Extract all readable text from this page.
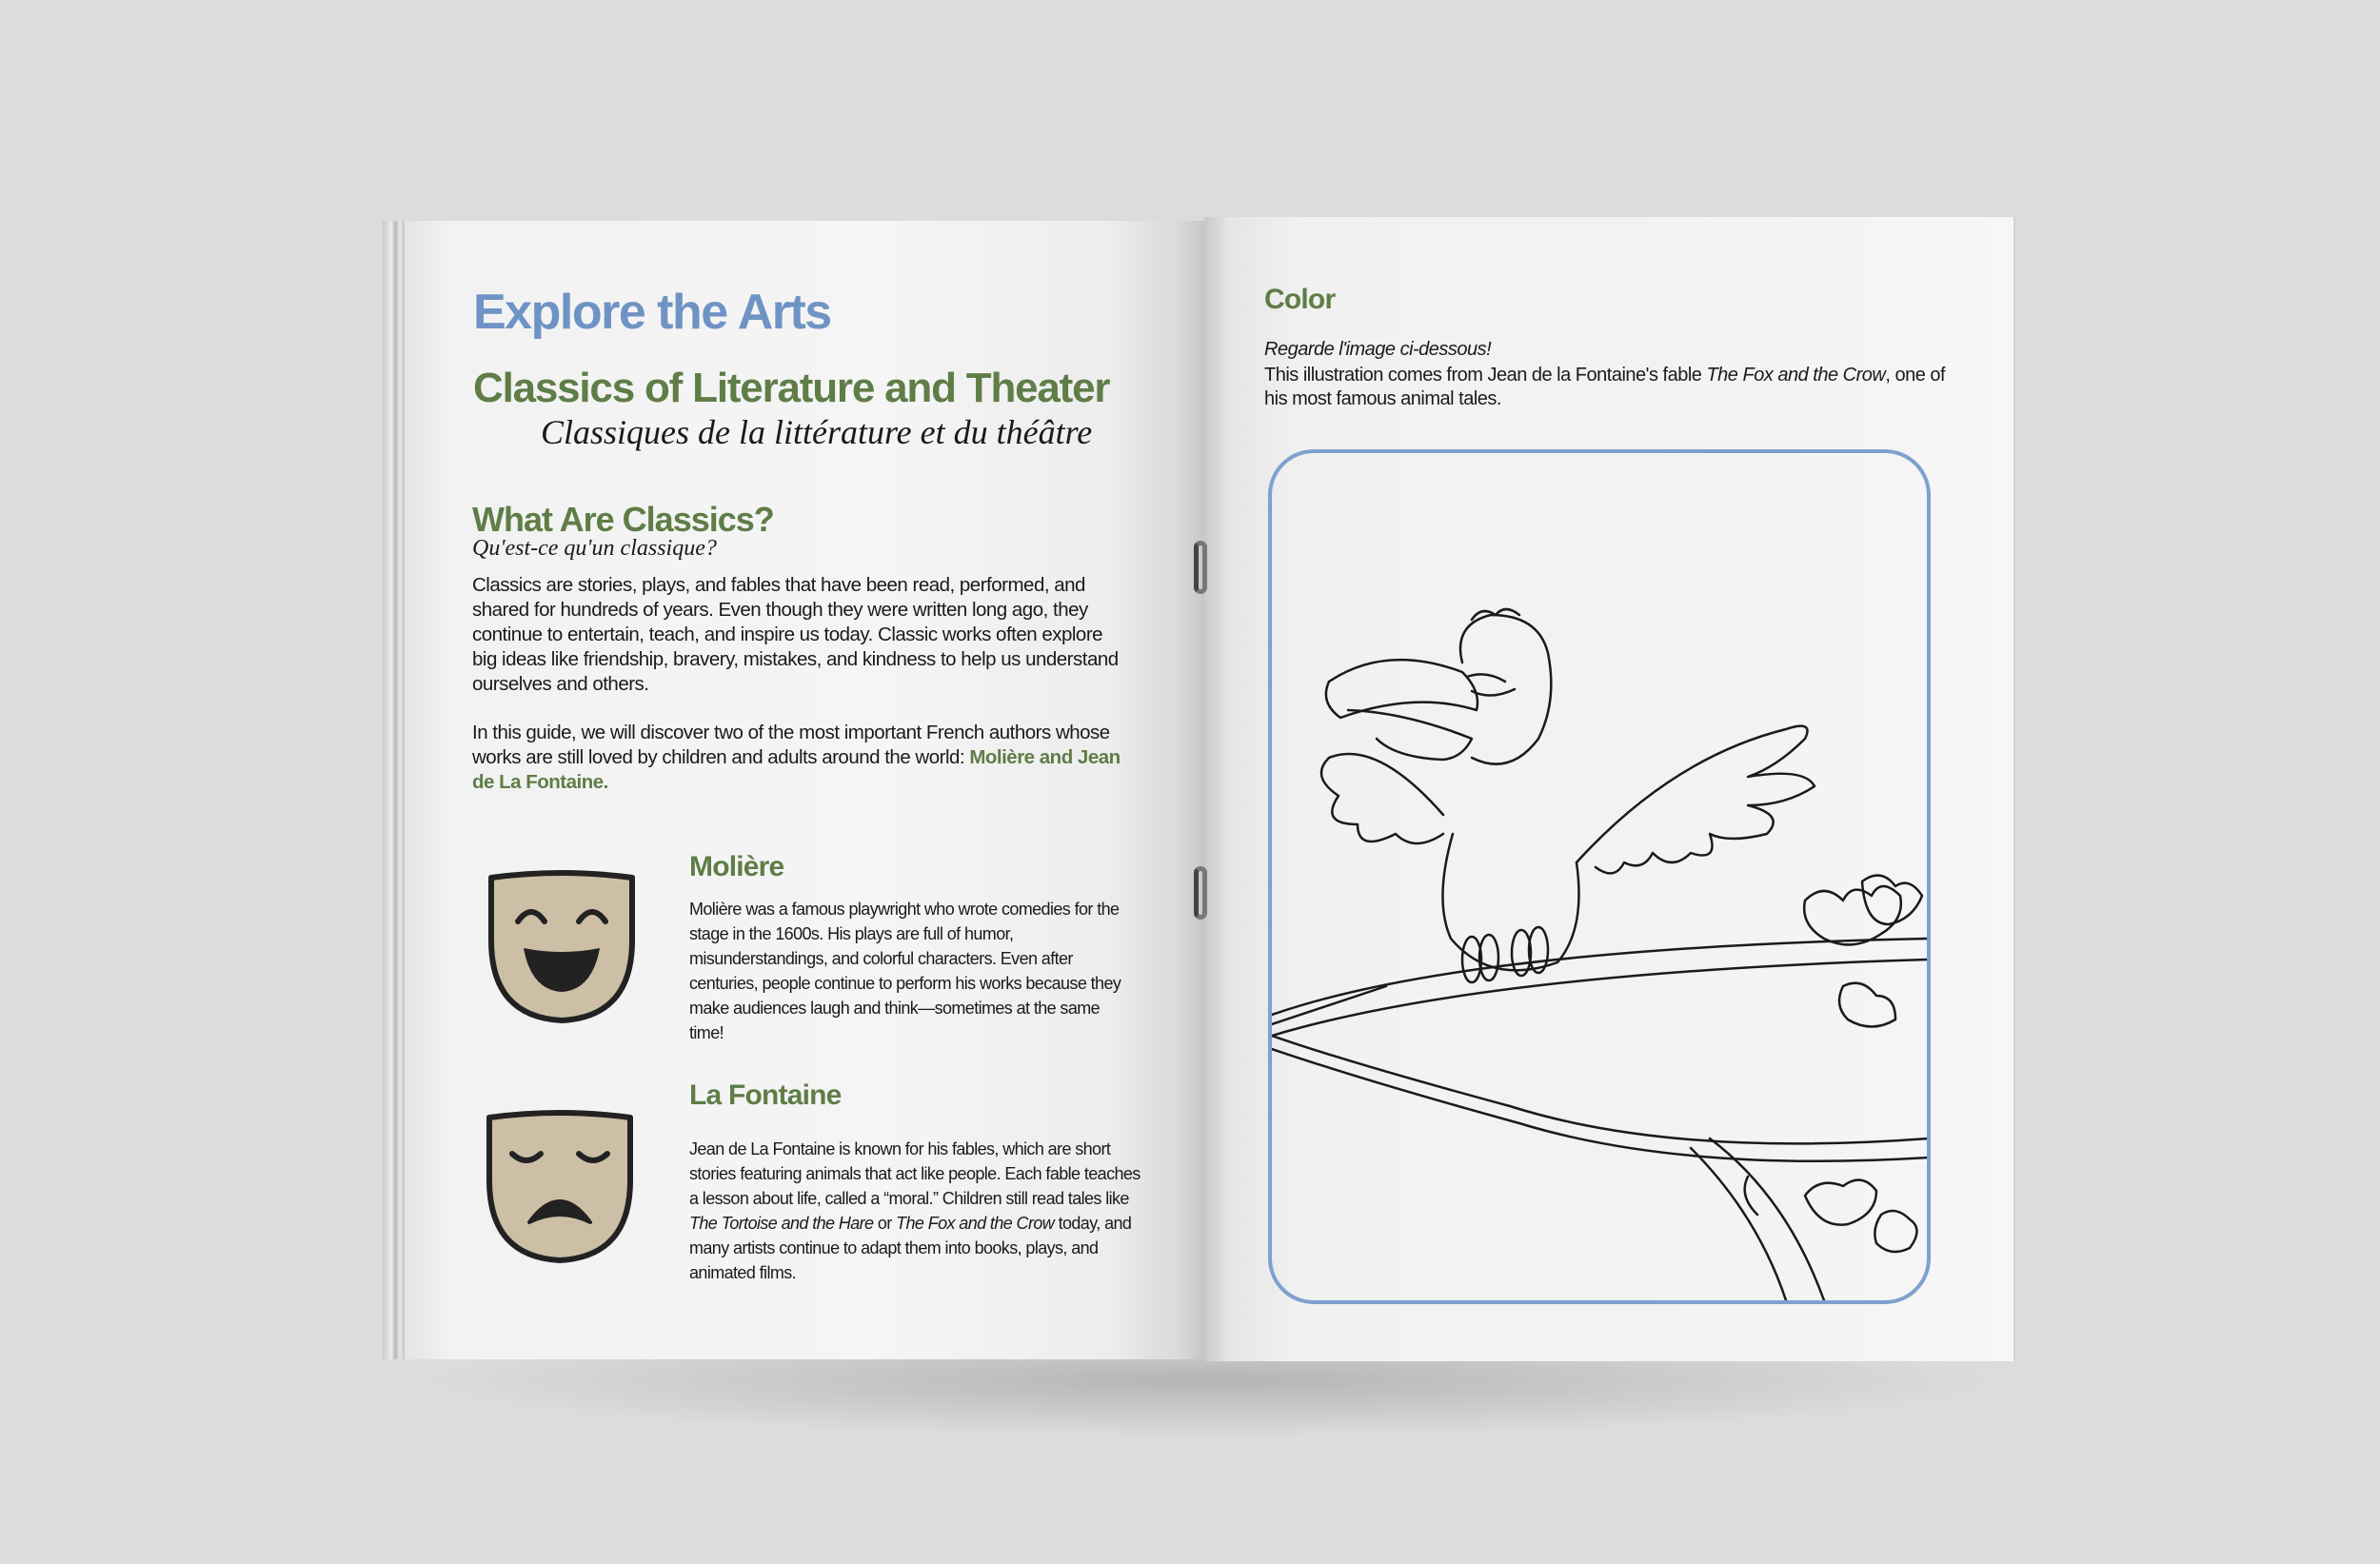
Explore the Arts
Classics of Literature and Theater
Classiques de la littérature et du théâtre
What Are Classics?
Qu'est-ce qu'un classique?
Classics are stories, plays, and fables that have been read, performed, and shared for hundreds of years. Even though they were written long ago, they continue to entertain, teach, and inspire us today. Classic works often explore big ideas like friendship, bravery, mistakes, and kindness to help us understand ourselves and others.
In this guide, we will discover two of the most important French authors whose works are still loved by children and adults around the world: Molière and Jean de La Fontaine.
Molière
Molière was a famous playwright who wrote comedies for the stage in the 1600s. His plays are full of humor, misunderstandings, and colorful characters. Even after centuries, people continue to perform his works because they make audiences laugh and think—sometimes at the same time!
La Fontaine
Jean de La Fontaine is known for his fables, which are short stories featuring animals that act like people. Each fable teaches a lesson about life, called a “moral.” Children still read tales like The Tortoise and the Hare or The Fox and the Crow today, and many artists continue to adapt them into books, plays, and animated films.
Color
Regarde l'image ci-dessous!
This illustration comes from Jean de la Fontaine's fable The Fox and the Crow, one of his most famous animal tales.
